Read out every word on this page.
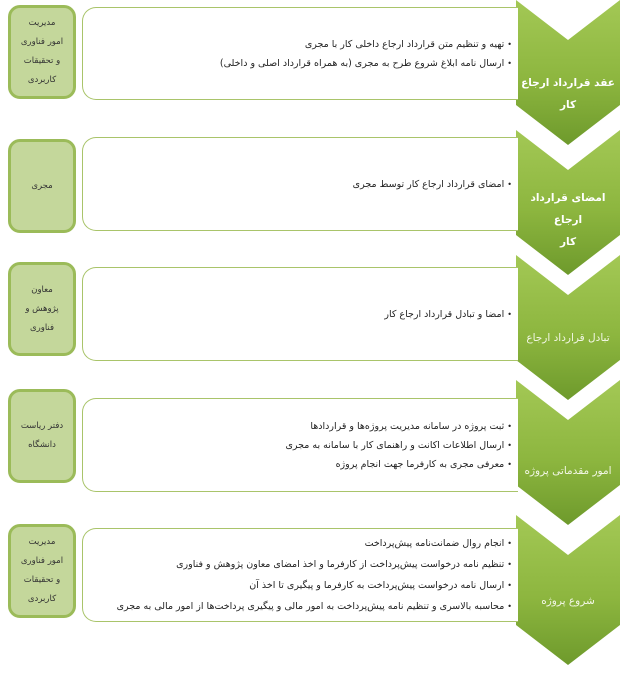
عقد قرارداد ارجاع
کار
مدیریت
امور فناوری
و تحقیقات
کاربردی
•تهیه و تنظیم متن قرارداد ارجاع داخلی کار با مجری
•ارسال نامه ابلاغ شروع طرح به مجری (به همراه قرارداد اصلی و داخلی)
امضای قرارداد ارجاع
کار
مجری	•امضای قرارداد ارجاع کار توسط مجری
تبادل قرارداد ارجاع
معاون
پژوهش و
فناوری
•امضا و تبادل قرارداد ارجاع کار
امور مقدماتی پروژه
دفتر ریاست
دانشگاه
•ثبت پروژه در سامانه مدیریت پروژه‌ها و قراردادها
•ارسال اطلاعات اکانت و راهنمای کار با سامانه به مجری
•معرفی مجری به کارفرما جهت انجام پروژه
شروع پروژه
مدیریت
امور فناوری
و تحقیقات
کاربردی
•انجام روال ضمانت‌نامه پیش‌پرداخت
•تنظیم نامه درخواست پیش‌پرداخت از کارفرما و اخذ امضای معاون پژوهش و فناوری
•ارسال نامه درخواست پیش‌پرداخت به کارفرما و پیگیری تا اخذ آن
•محاسبه بالاسری و تنظیم نامه پیش‌پرداخت به امور مالی و پیگیری پرداخت‌ها از امور مالی به مجری
